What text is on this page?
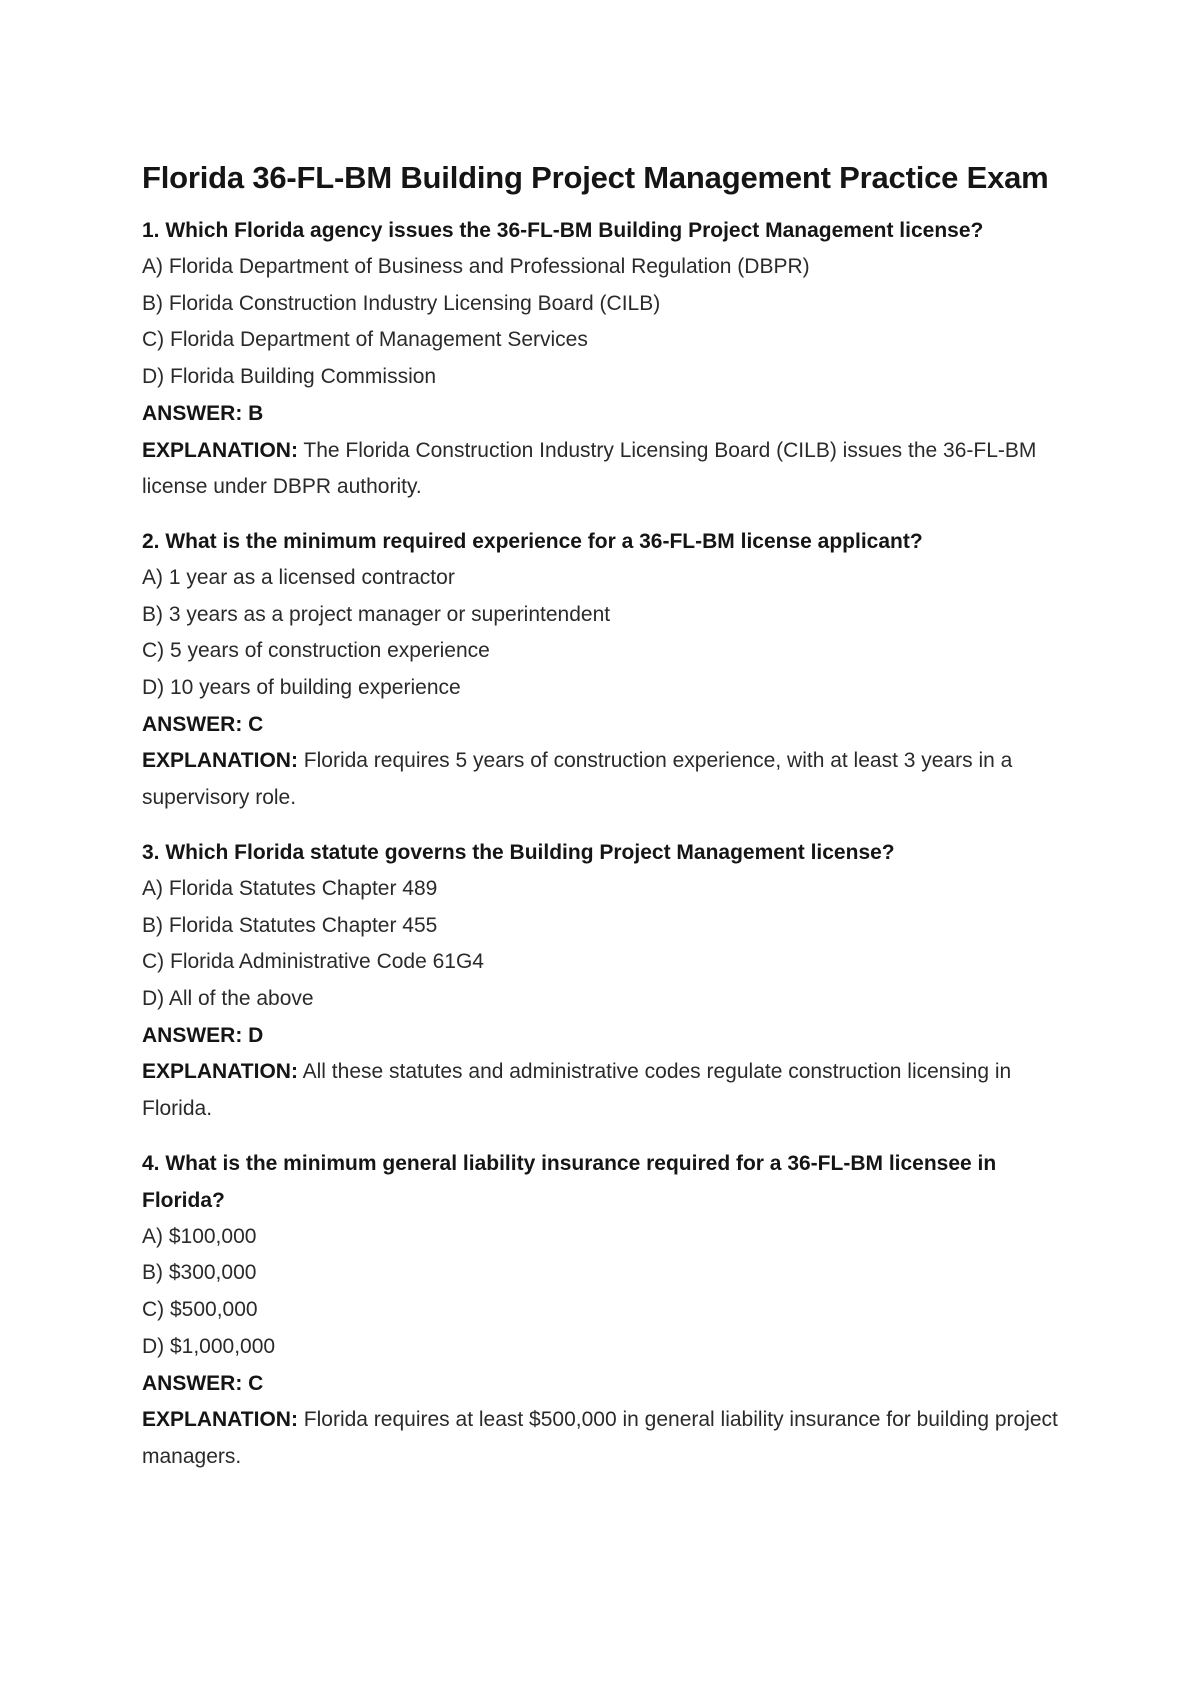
Florida 36-FL-BM Building Project Management Practice Exam

1. Which Florida agency issues the 36-FL-BM Building Project Management license?

A) Florida Department of Business and Professional Regulation (DBPR)

B) Florida Construction Industry Licensing Board (CILB)

C) Florida Department of Management Services

D) Florida Building Commission

ANSWER: B

EXPLANATION: The Florida Construction Industry Licensing Board (CILB) issues the 36-FL-BM license under DBPR authority.

2. What is the minimum required experience for a 36-FL-BM license applicant?

A) 1 year as a licensed contractor

B) 3 years as a project manager or superintendent

C) 5 years of construction experience

D) 10 years of building experience

ANSWER: C

EXPLANATION: Florida requires 5 years of construction experience, with at least 3 years in a supervisory role.

3. Which Florida statute governs the Building Project Management license?

A) Florida Statutes Chapter 489

B) Florida Statutes Chapter 455

C) Florida Administrative Code 61G4

D) All of the above

ANSWER: D

EXPLANATION: All these statutes and administrative codes regulate construction licensing in Florida.

4. What is the minimum general liability insurance required for a 36-FL-BM licensee in Florida?

A) $100,000

B) $300,000

C) $500,000

D) $1,000,000

ANSWER: C

EXPLANATION: Florida requires at least $500,000 in general liability insurance for building project managers.
